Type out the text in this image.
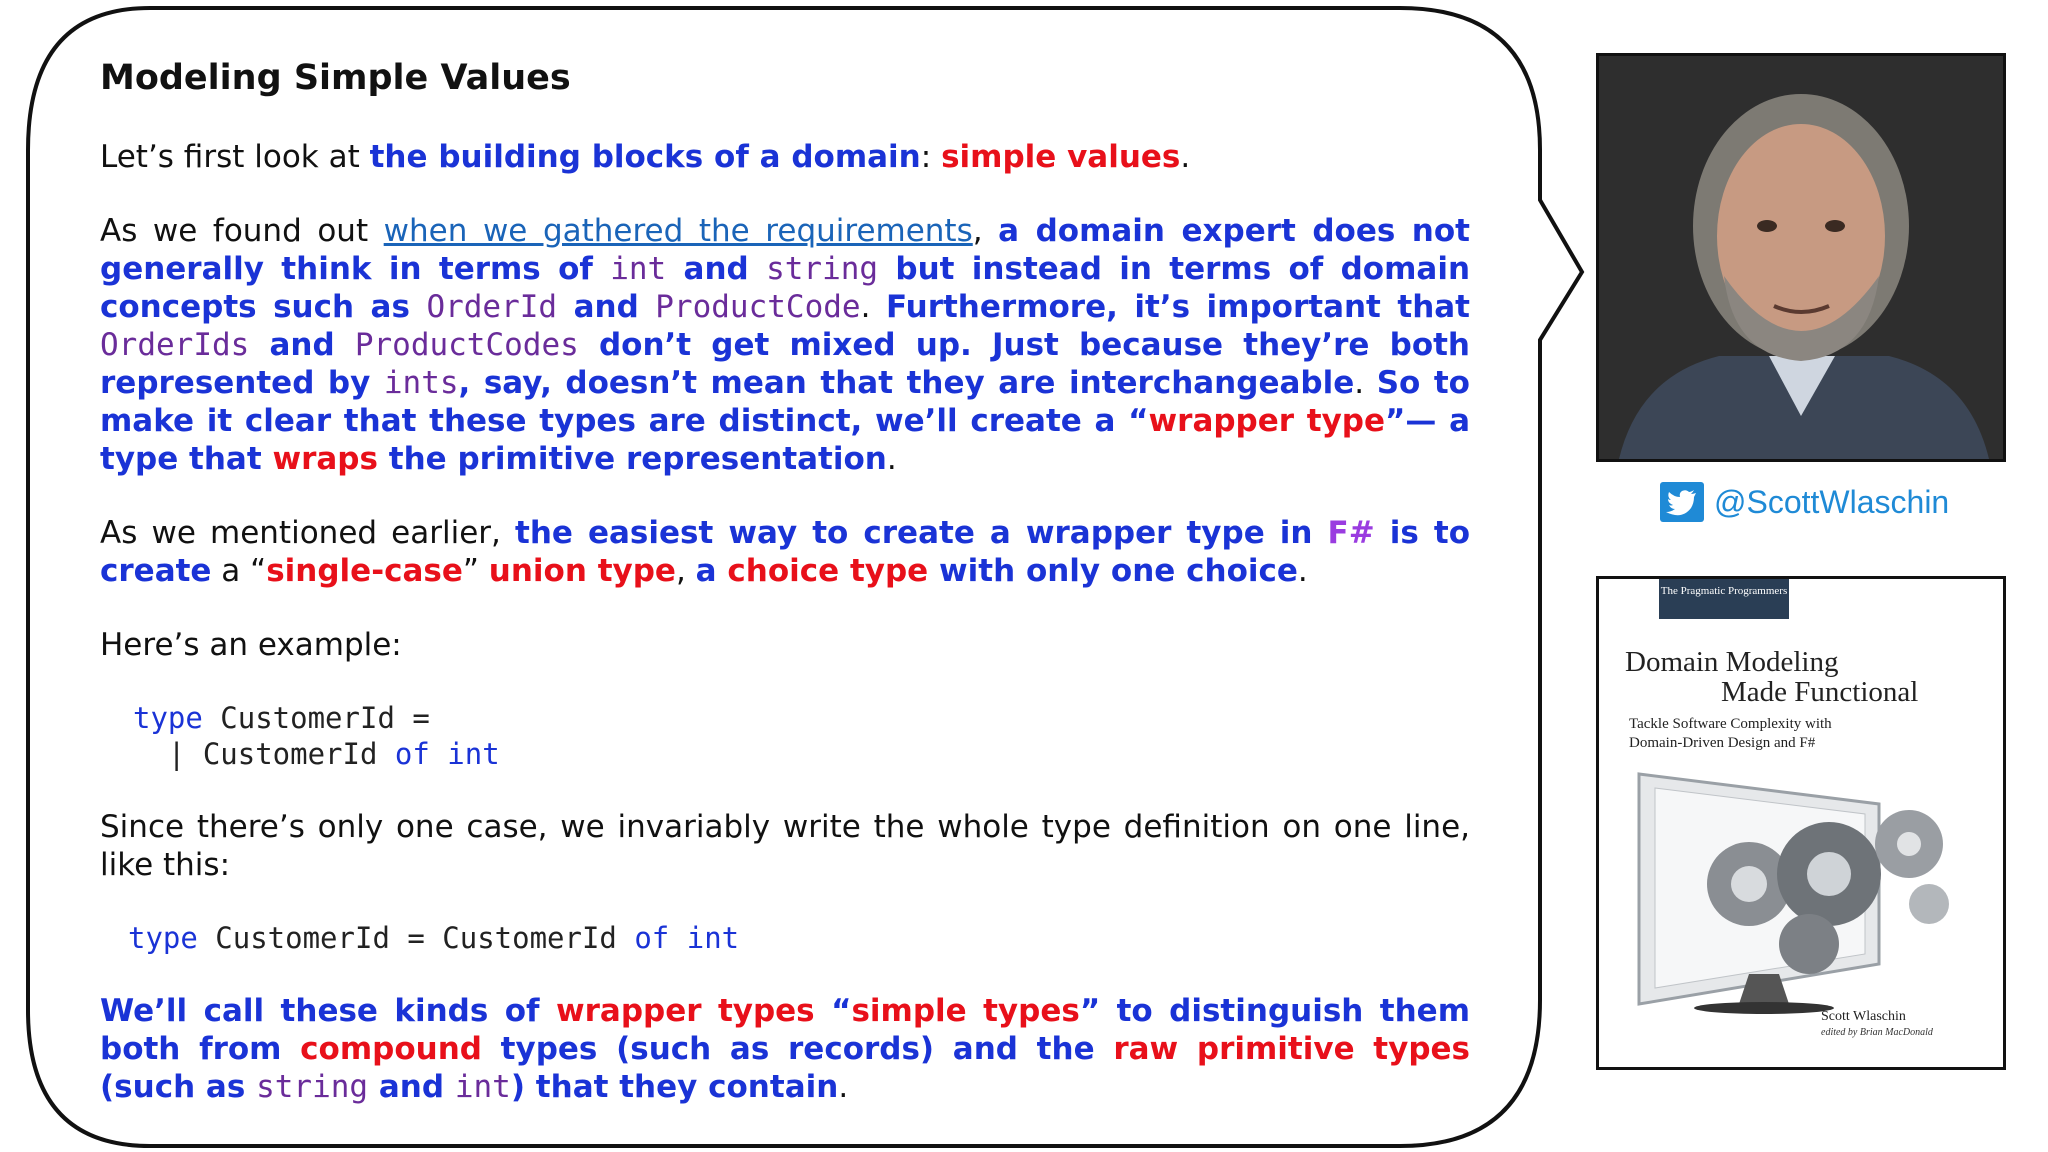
Modeling Simple Values
Let’s first look at the building blocks of a domain: simple values.
As we found out when we gathered the requirements, a domain expert does not generally think in terms of int and string but instead in terms of domain concepts such as OrderId and ProductCode. Furthermore, it’s important that OrderIds and ProductCodes don’t get mixed up. Just because they’re both represented by ints, say, doesn’t mean that they are interchangeable. So to make it clear that these types are distinct, we’ll create a “wrapper type”— a type that wraps the primitive representation.
As we mentioned earlier, the easiest way to create a wrapper type in F# is to create a “single-case” union type, a choice type with only one choice.
Here’s an example:
type CustomerId =
| CustomerId of int
Since there’s only one case, we invariably write the whole type definition on one line, like this:
type CustomerId = CustomerId of int
We’ll call these kinds of wrapper types “simple types” to distinguish them both from compound types (such as records) and the raw primitive types (such as string and int) that they contain.
@ScottWlaschin
The Pragmatic Programmers
Domain Modeling
Made Functional
Tackle Software Complexity with
Domain-Driven Design and F#
Scott Wlaschin
edited by Brian MacDonald
